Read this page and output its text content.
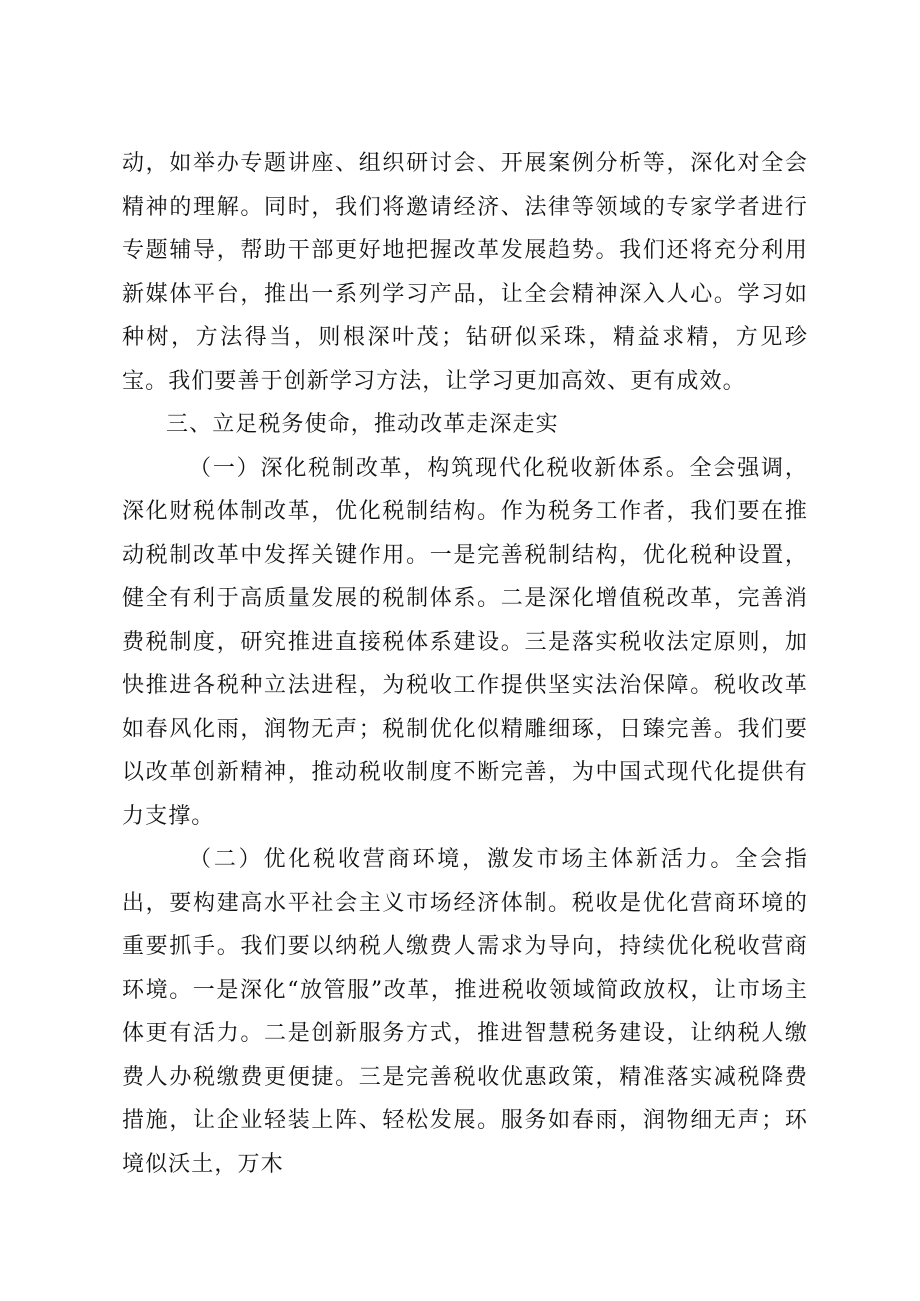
动，如举办专题讲座、组织研讨会、开展案例分析等，深化对全会精神的理解。同时，我们将邀请经济、法律等领域的专家学者进行专题辅导，帮助干部更好地把握改革发展趋势。我们还将充分利用新媒体平台，推出一系列学习产品，让全会精神深入人心。学习如种树，方法得当，则根深叶茂；钻研似采珠，精益求精，方见珍宝。我们要善于创新学习方法，让学习更加高效、更有成效。

三、立足税务使命，推动改革走深走实

（一）深化税制改革，构筑现代化税收新体系。全会强调，深化财税体制改革，优化税制结构。作为税务工作者，我们要在推动税制改革中发挥关键作用。一是完善税制结构，优化税种设置，健全有利于高质量发展的税制体系。二是深化增值税改革，完善消费税制度，研究推进直接税体系建设。三是落实税收法定原则，加快推进各税种立法进程，为税收工作提供坚实法治保障。税收改革如春风化雨，润物无声；税制优化似精雕细琢，日臻完善。我们要以改革创新精神，推动税收制度不断完善，为中国式现代化提供有力支撑。

（二）优化税收营商环境，激发市场主体新活力。全会指出，要构建高水平社会主义市场经济体制。税收是优化营商环境的重要抓手。我们要以纳税人缴费人需求为导向，持续优化税收营商环境。一是深化“放管服”改革，推进税收领域简政放权，让市场主体更有活力。二是创新服务方式，推进智慧税务建设，让纳税人缴费人办税缴费更便捷。三是完善税收优惠政策，精准落实减税降费措施，让企业轻装上阵、轻松发展。服务如春雨，润物细无声；环境似沃土，万木
